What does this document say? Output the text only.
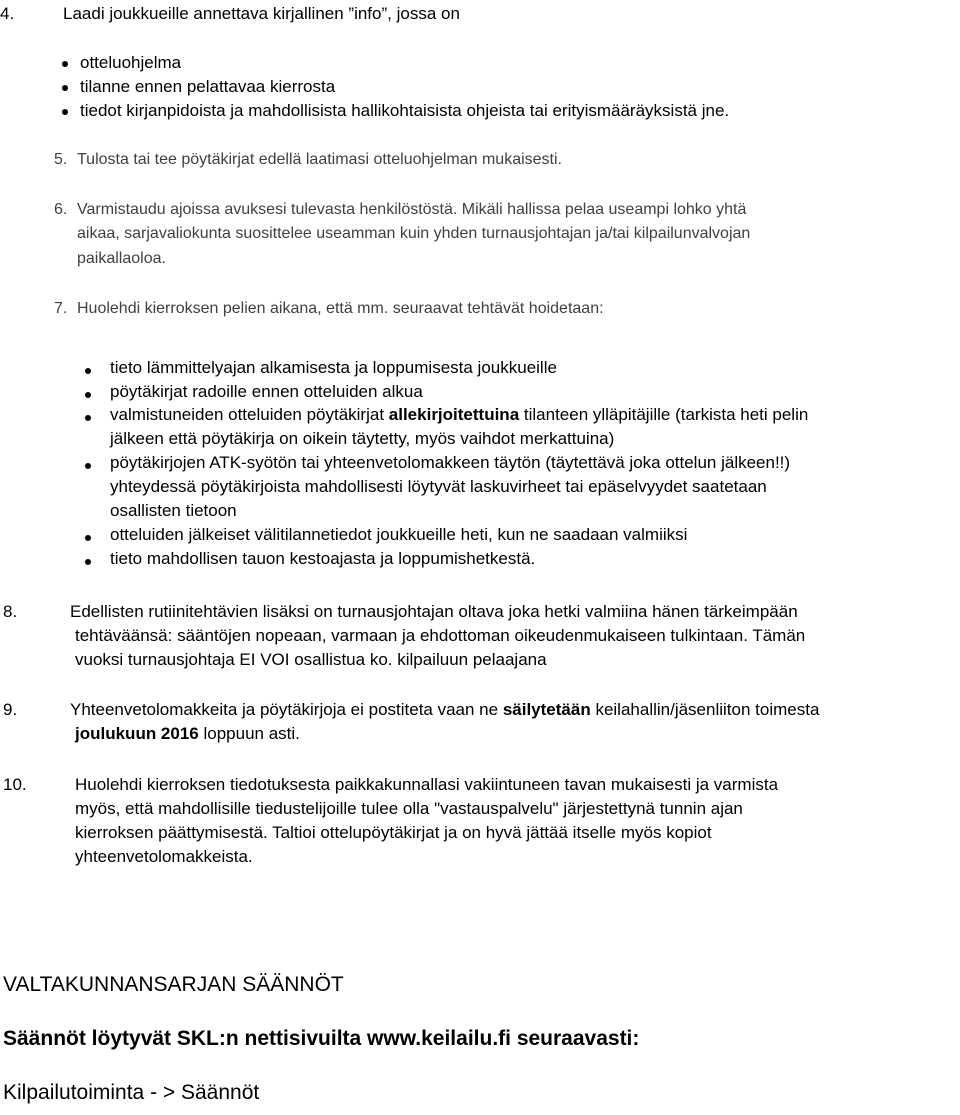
4.	Laadi joukkueille annettava kirjallinen ”info”, jossa on
otteluohjelma
tilanne ennen pelattavaa kierrosta
tiedot kirjanpidoista ja mahdollisista hallikohtaisista ohjeista tai erityismääräyksistä jne.
5. Tulosta tai tee pöytäkirjat edellä laatimasi otteluohjelman mukaisesti.
6. Varmistaudu ajoissa avuksesi tulevasta henkilöstöstä. Mikäli hallissa pelaa useampi lohko yhtä
aikaa, sarjavaliokunta suosittelee useamman kuin yhden turnausjohtajan ja/tai kilpailunvalvojan
paikallaoloa.
7. Huolehdi kierroksen pelien aikana, että mm. seuraavat tehtävät hoidetaan:
tieto lämmittelyajan alkamisesta ja loppumisesta joukkueille
pöytäkirjat radoille ennen otteluiden alkua
valmistuneiden otteluiden pöytäkirjat allekirjoitettuina tilanteen ylläpitäjille (tarkista heti pelin
jälkeen että pöytäkirja on oikein täytetty, myös vaihdot merkattuina)
pöytäkirjojen ATK-syötön tai yhteenvetolomakkeen täytön (täytettävä joka ottelun jälkeen!!)
yhteydessä pöytäkirjoista mahdollisesti löytyvät laskuvirheet tai epäselvyydet saatetaan
osallisten tietoon
otteluiden jälkeiset välitilannetiedot joukkueille heti, kun ne saadaan valmiiksi
tieto mahdollisen tauon kestoajasta ja loppumishetkestä.
8.	Edellisten rutiinitehtävien lisäksi on turnausjohtajan oltava joka hetki valmiina hänen tärkeimpään
tehtäväänsä: sääntöjen nopeaan, varmaan ja ehdottoman oikeudenmukaiseen tulkintaan. Tämän
vuoksi turnausjohtaja EI VOI osallistua ko. kilpailuun pelaajana
9.	Yhteenvetolomakkeita ja pöytäkirjoja ei postiteta vaan ne säilytetään keilahallin/jäsenliiton toimesta
joulukuun 2016 loppuun asti.
10.	Huolehdi kierroksen tiedotuksesta paikkakunnallasi vakiintuneen tavan mukaisesti ja varmista
myös, että mahdollisille tiedustelijoille tulee olla "vastauspalvelu" järjestettynä tunnin ajan
kierroksen päättymisestä. Taltioi ottelupöytäkirjat ja on hyvä jättää itselle myös kopiot
yhteenvetolomakkeista.
VALTAKUNNANSARJAN SÄÄNNÖT
Säännöt löytyvät SKL:n nettisivuilta www.keilailu.fi seuraavasti:
Kilpailutoiminta - > Säännöt
